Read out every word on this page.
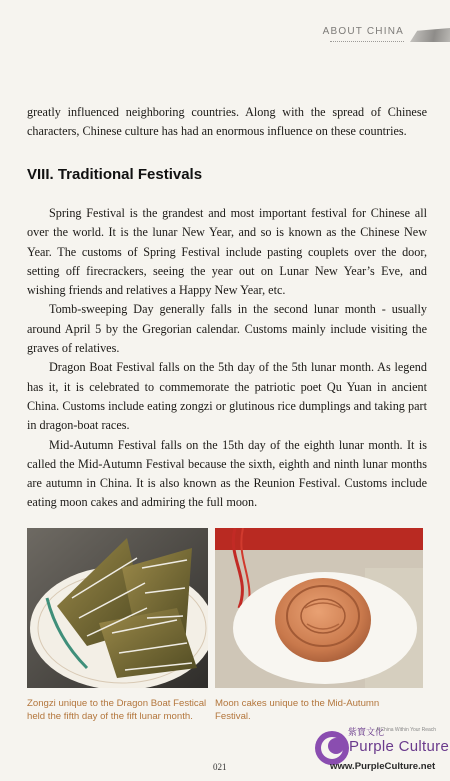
ABOUT CHINA

greatly influenced neighboring countries. Along with the spread of Chinese characters, Chinese culture has had an enormous influence on these countries.

VIII. Traditional Festivals

Spring Festival is the grandest and most important festival for Chinese all over the world. It is the lunar New Year, and so is known as the Chinese New Year. The customs of Spring Festival include pasting couplets over the door, setting off firecrackers, seeing the year out on Lunar New Year’s Eve, and wishing friends and relatives a Happy New Year, etc.

Tomb-sweeping Day generally falls in the second lunar month - usually around April 5 by the Gregorian calendar. Customs mainly include visiting the graves of relatives.

Dragon Boat Festival falls on the 5th day of the 5th lunar month. As legend has it, it is celebrated to commemorate the patriotic poet Qu Yuan in ancient China. Customs include eating zongzi or glutinous rice dumplings and taking part in dragon-boat races.

Mid-Autumn Festival falls on the 15th day of the eighth lunar month. It is called the Mid-Autumn Festival because the sixth, eighth and ninth lunar months are autumn in China. It is also known as the Reunion Festival. Customs include eating moon cakes and admiring the full moon.

Zongzi unique to the Dragon Boat Festical held the fifth day of the fift lunar month.
Moon cakes unique to the Mid-Autumn Festival.
021
紫寶文化
A China Within Your Reach
Purple Culture
www.PurpleCulture.net
